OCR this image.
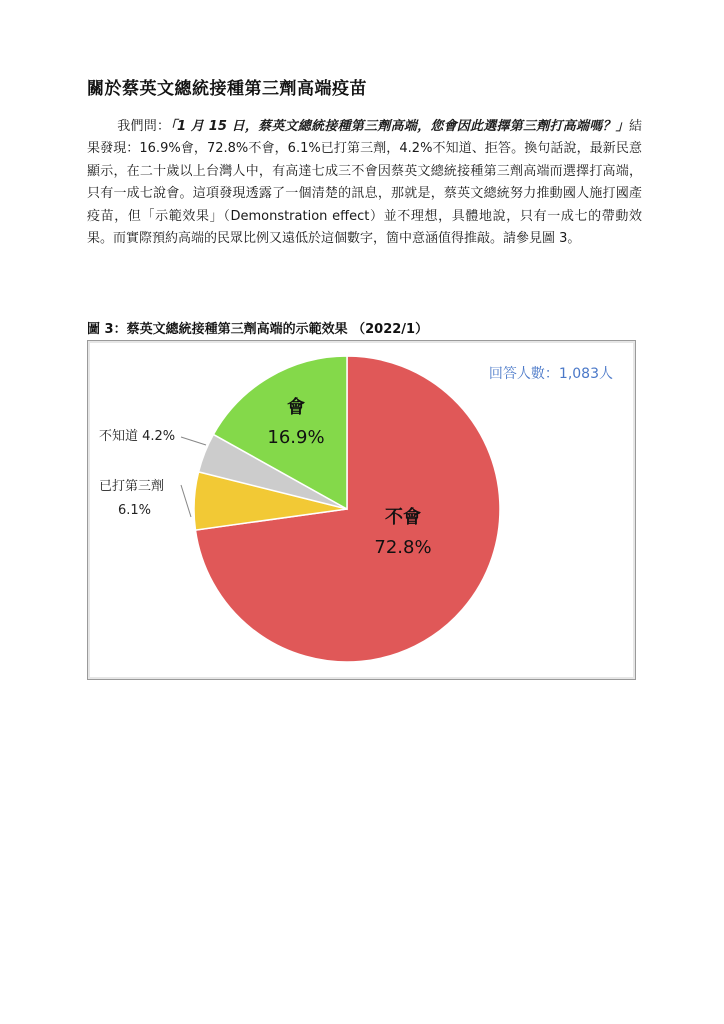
關於蔡英文總統接種第三劑高端疫苗
我們問：「1 月 15 日，蔡英文總統接種第三劑高端，您會因此選擇第三劑打高端嗎？」結果發現：16.9%會，72.8%不會，6.1%已打第三劑，4.2%不知道、拒答。換句話說，最新民意顯示，在二十歲以上台灣人中，有高達七成三不會因蔡英文總統接種第三劑高端而選擇打高端，只有一成七說會。這項發現透露了一個清楚的訊息，那就是，蔡英文總統努力推動國人施打國產疫苗，但「示範效果」（Demonstration effect）並不理想，具體地說，只有一成七的帶動效果。而實際預約高端的民眾比例又遠低於這個數字，箇中意涵值得推敲。請參見圖 3。
圖 3：蔡英文總統接種第三劑高端的示範效果 （2022/1）
回答人數：1,083人
會
16.9%
不會
72.8%
不知道 4.2%
已打第三劑
6.1%
